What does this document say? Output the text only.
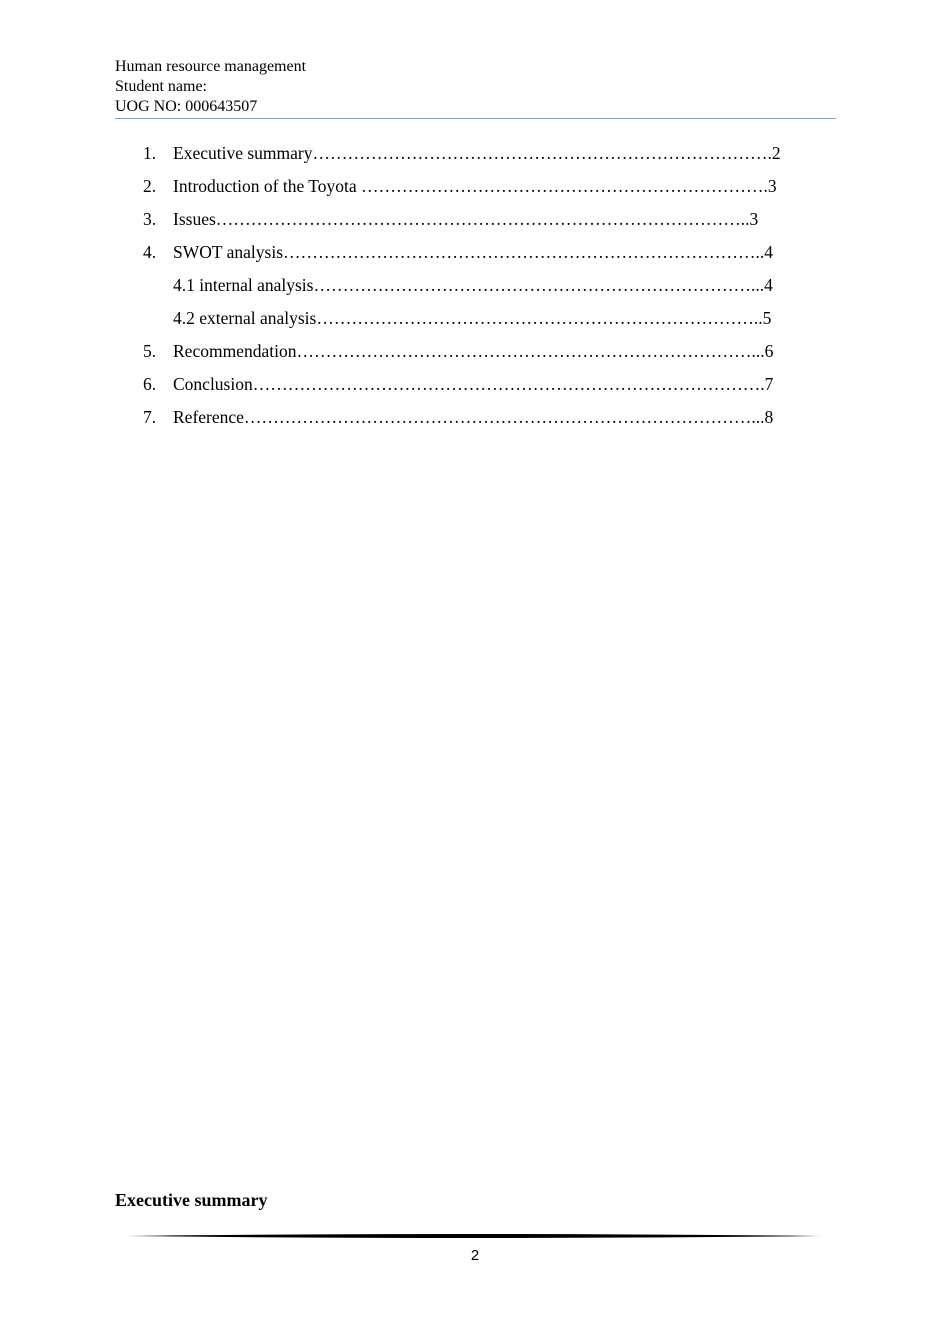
Human resource management
Student name:
UOG NO: 000643507
1. Executive summary…………………………………………………………………….2
2. Introduction of the Toyota …………………………………………………………….3
3. Issues………………………………………………………………………………..3
4. SWOT analysis………………………………………………………………………..4
4.1 internal analysis…………………………………………………………………...4
4.2 external analysis…………………………………………………………………..5
5. Recommendation……………………………………………………………………...6
6. Conclusion…………………………………………………………………………….7
7. Reference……………………………………………………………………………...8
Executive summary
2
